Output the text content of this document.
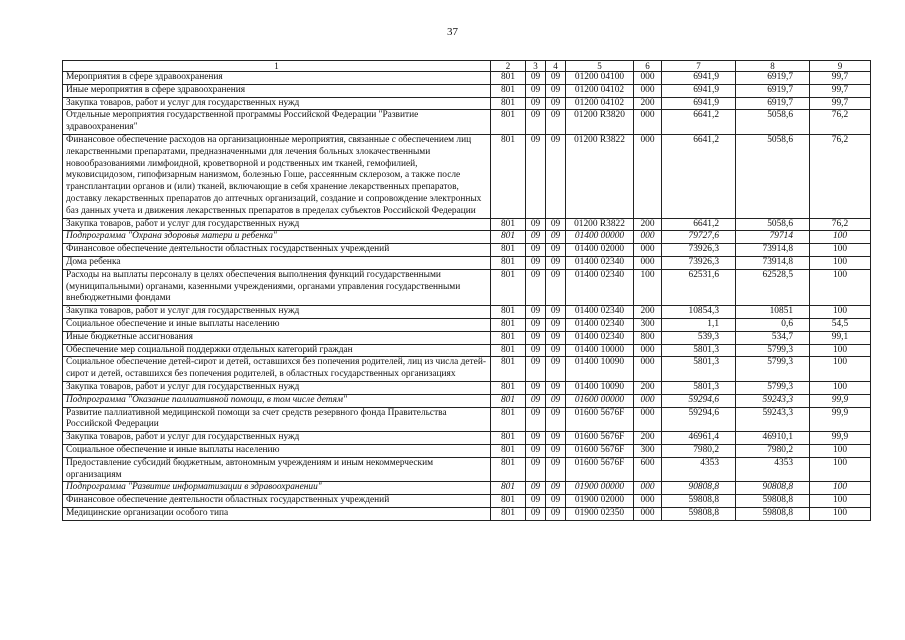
37
1	2	3	4	5	6	7	8	9
Мероприятия в сфере здравоохранения	801	09	09	01200 04100	000	6941,9	6919,7	99,7
Иные мероприятия в сфере здравоохранения	801	09	09	01200 04102	000	6941,9	6919,7	99,7
Закупка товаров, работ и услуг для государственных нужд	801	09	09	01200 04102	200	6941,9	6919,7	99,7
Отдельные мероприятия государственной программы Российской Федерации "Развитие здравоохранения"	801	09	09	01200 R3820	000	6641,2	5058,6	76,2
Финансовое обеспечение расходов на организационные мероприятия, связанные с обеспечением лиц лекарственными препаратами, предназначенными для лечения больных злокачественными новообразованиями лимфоидной, кроветворной и родственных им тканей, гемофилией, муковисцидозом, гипофизарным нанизмом, болезнью Гоше, рассеянным склерозом, а также после трансплантации органов и (или) тканей, включающие в себя хранение лекарственных препаратов, доставку лекарственных препаратов до аптечных организаций, создание и сопровождение электронных баз данных учета и движения лекарственных препаратов в пределах субъектов Российской Федерации	801	09	09	01200 R3822	000	6641,2	5058,6	76,2
Закупка товаров, работ и услуг для государственных нужд	801	09	09	01200 R3822	200	6641,2	5058,6	76,2
Подпрограмма "Охрана здоровья матери и ребенка"	801	09	09	01400 00000	000	79727,6	79714	100
Финансовое обеспечение деятельности областных государственных учреждений	801	09	09	01400 02000	000	73926,3	73914,8	100
Дома ребенка	801	09	09	01400 02340	000	73926,3	73914,8	100
Расходы на выплаты персоналу в целях обеспечения выполнения функций государственными (муниципальными) органами, казенными учреждениями, органами управления государственными внебюджетными фондами	801	09	09	01400 02340	100	62531,6	62528,5	100
Закупка товаров, работ и услуг для государственных нужд	801	09	09	01400 02340	200	10854,3	10851	100
Социальное обеспечение и иные выплаты населению	801	09	09	01400 02340	300	1,1	0,6	54,5
Иные бюджетные ассигнования	801	09	09	01400 02340	800	539,3	534,7	99,1
Обеспечение мер социальной поддержки отдельных категорий граждан	801	09	09	01400 10000	000	5801,3	5799,3	100
Социальное обеспечение детей-сирот и детей, оставшихся без попечения родителей, лиц из числа детей-сирот и детей, оставшихся без попечения родителей, в областных государственных организациях	801	09	09	01400 10090	000	5801,3	5799,3	100
Закупка товаров, работ и услуг для государственных нужд	801	09	09	01400 10090	200	5801,3	5799,3	100
Подпрограмма "Оказание паллиативной помощи, в том числе детям"	801	09	09	01600 00000	000	59294,6	59243,3	99,9
Развитие паллиативной медицинской помощи за счет средств резервного фонда Правительства Российской Федерации	801	09	09	01600 5676F	000	59294,6	59243,3	99,9
Закупка товаров, работ и услуг для государственных нужд	801	09	09	01600 5676F	200	46961,4	46910,1	99,9
Социальное обеспечение и иные выплаты населению	801	09	09	01600 5676F	300	7980,2	7980,2	100
Предоставление субсидий бюджетным, автономным учреждениям и иным некоммерческим организациям	801	09	09	01600 5676F	600	4353	4353	100
Подпрограмма "Развитие информатизации в здравоохранении"	801	09	09	01900 00000	000	90808,8	90808,8	100
Финансовое обеспечение деятельности областных государственных учреждений	801	09	09	01900 02000	000	59808,8	59808,8	100
Медицинские организации особого типа	801	09	09	01900 02350	000	59808,8	59808,8	100
